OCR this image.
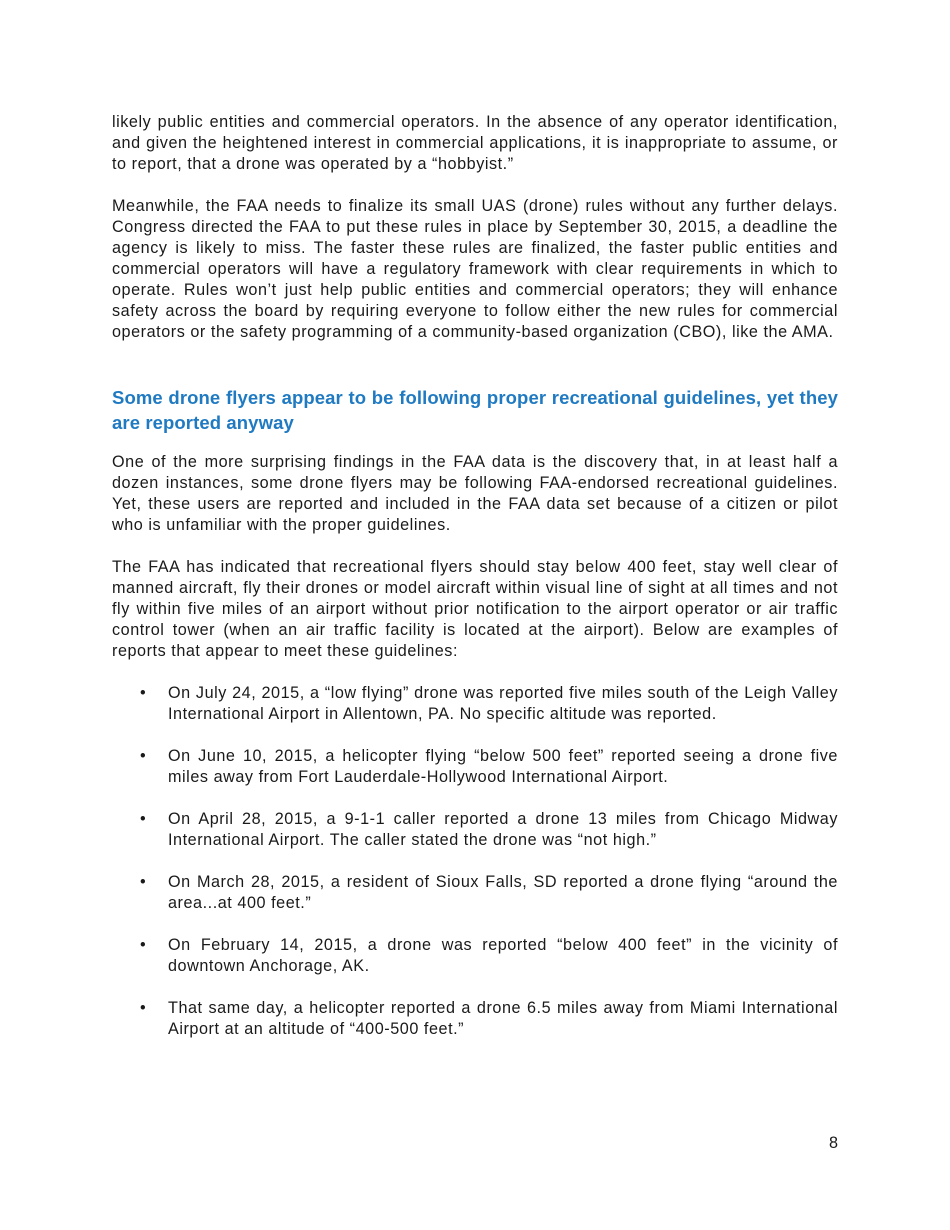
likely public entities and commercial operators. In the absence of any operator identification, and given the heightened interest in commercial applications, it is inappropriate to assume, or to report, that a drone was operated by a “hobbyist.”

Meanwhile, the FAA needs to finalize its small UAS (drone) rules without any further delays. Congress directed the FAA to put these rules in place by September 30, 2015, a deadline the agency is likely to miss. The faster these rules are finalized, the faster public entities and commercial operators will have a regulatory framework with clear requirements in which to operate. Rules won’t just help public entities and commercial operators; they will enhance safety across the board by requiring everyone to follow either the new rules for commercial operators or the safety programming of a community-based organization (CBO), like the AMA.

Some drone flyers appear to be following proper recreational guidelines, yet they are reported anyway

One of the more surprising findings in the FAA data is the discovery that, in at least half a dozen instances, some drone flyers may be following FAA-endorsed recreational guidelines. Yet, these users are reported and included in the FAA data set because of a citizen or pilot who is unfamiliar with the proper guidelines.

The FAA has indicated that recreational flyers should stay below 400 feet, stay well clear of manned aircraft, fly their drones or model aircraft within visual line of sight at all times and not fly within five miles of an airport without prior notification to the airport operator or air traffic control tower (when an air traffic facility is located at the airport). Below are examples of reports that appear to meet these guidelines:

• On July 24, 2015, a “low flying” drone was reported five miles south of the Leigh Valley International Airport in Allentown, PA. No specific altitude was reported.
• On June 10, 2015, a helicopter flying “below 500 feet” reported seeing a drone five miles away from Fort Lauderdale-Hollywood International Airport.
• On April 28, 2015, a 9-1-1 caller reported a drone 13 miles from Chicago Midway International Airport. The caller stated the drone was “not high.”
• On March 28, 2015, a resident of Sioux Falls, SD reported a drone flying “around the area...at 400 feet.”
• On February 14, 2015, a drone was reported “below 400 feet” in the vicinity of downtown Anchorage, AK.
• That same day, a helicopter reported a drone 6.5 miles away from Miami International Airport at an altitude of “400-500 feet.”
8
